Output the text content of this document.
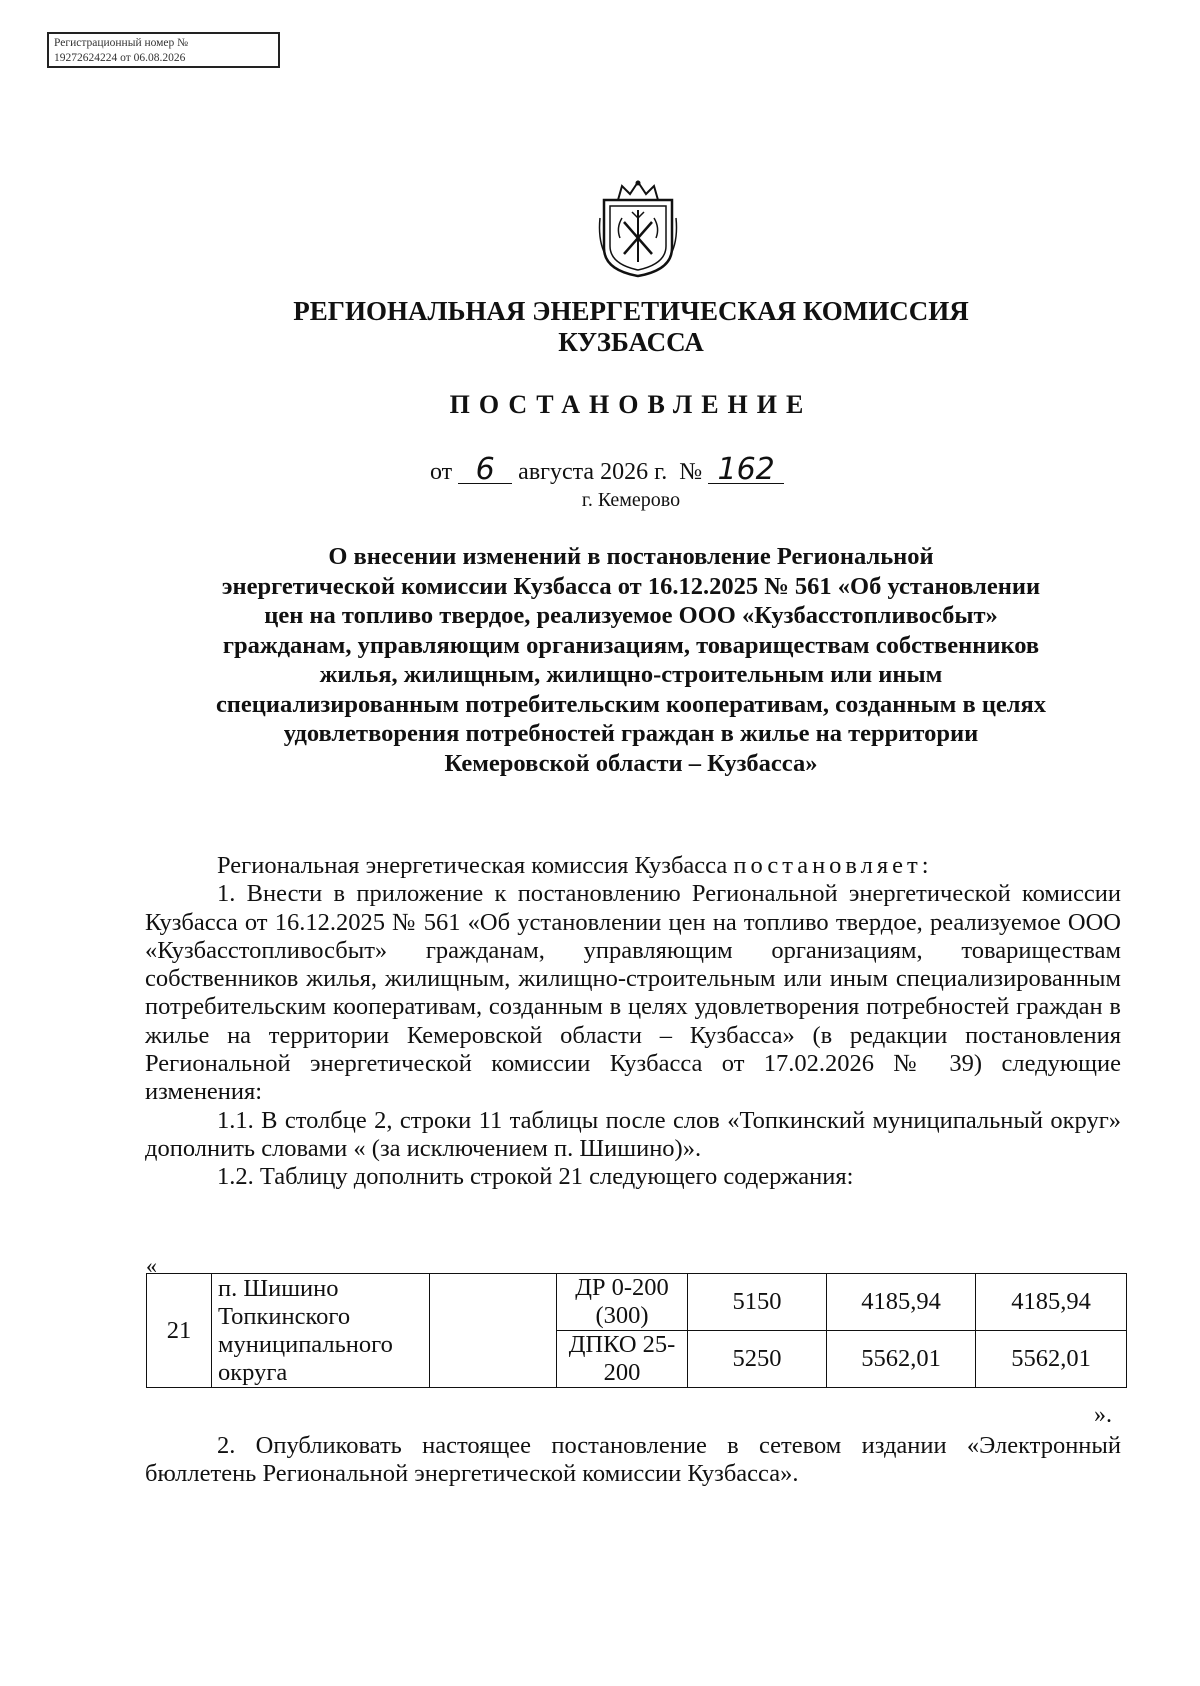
Регистрационный номер №
19272624224 от 06.08.2026
РЕГИОНАЛЬНАЯ ЭНЕРГЕТИЧЕСКАЯ КОМИССИЯ
КУЗБАССА
ПОСТАНОВЛЕНИЕ
от 6 августа 2026 г. № 162
г. Кемерово
О внесении изменений в постановление Региональной
энергетической комиссии Кузбасса от 16.12.2025 № 561 «Об установлении
цен на топливо твердое, реализуемое ООО «Кузбасстопливосбыт»
гражданам, управляющим организациям, товариществам собственников
жилья, жилищным, жилищно-строительным или иным
специализированным потребительским кооперативам, созданным в целях
удовлетворения потребностей граждан в жилье на территории
Кемеровской области – Кузбасса»

Региональная энергетическая комиссия Кузбасса постановляет:

1. Внести в приложение к постановлению Региональной энергетической комиссии Кузбасса от 16.12.2025 № 561 «Об установлении цен на топливо твердое, реализуемое ООО «Кузбасстопливосбыт» гражданам, управляющим организациям, товариществам собственников жилья, жилищным, жилищно-строительным или иным специализированным потребительским кооперативам, созданным в целях удовлетворения потребностей граждан в жилье на территории Кемеровской области – Кузбасса» (в редакции постановления Региональной энергетической комиссии Кузбасса от 17.02.2026 № 39) следующие изменения:

1.1. В столбце 2, строки 11 таблицы после слов «Топкинский муниципальный округ» дополнить словами « (за исключением п. Шишино)».

1.2. Таблицу дополнить строкой 21 следующего содержания:

«
21	п. Шишино Топкинского муниципального округа		ДР 0-200 (300)	5150	4185,94	4185,94
			ДПКО 25-200	5250	5562,01	5562,01
».

2. Опубликовать настоящее постановление в сетевом издании «Электронный бюллетень Региональной энергетической комиссии Кузбасса».
